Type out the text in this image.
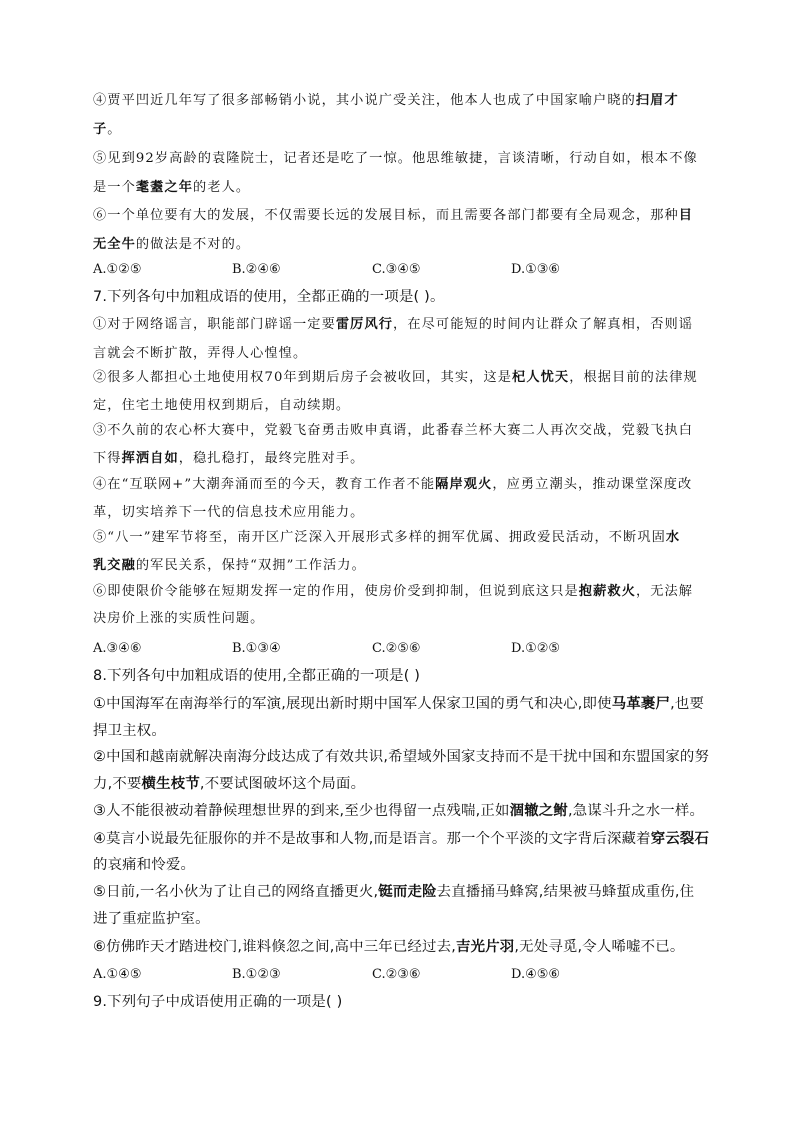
④贾平凹近几年写了很多部畅销小说，其小说广受关注，他本人也成了中国家喻户晓的扫眉才
子。
⑤见到92岁高龄的袁隆院士，记者还是吃了一惊。他思维敏捷，言谈清晰，行动自如，根本不像
是一个耄耋之年的老人。
⑥一个单位要有大的发展，不仅需要长远的发展目标，而且需要各部门都要有全局观念，那种目
无全牛的做法是不对的。
A.①②⑤	B.②④⑥	C.③④⑤	D.①③⑥
7.下列各句中加粗成语的使用，全都正确的一项是( )。
①对于网络谣言，职能部门辟谣一定要雷厉风行，在尽可能短的时间内让群众了解真相，否则谣
言就会不断扩散，弄得人心惶惶。
②很多人都担心土地使用权70年到期后房子会被收回，其实，这是杞人忧天，根据目前的法律规
定，住宅土地使用权到期后，自动续期。
③不久前的农心杯大赛中，党毅飞奋勇击败申真谞，此番春兰杯大赛二人再次交战，党毅飞执白
下得挥洒自如，稳扎稳打，最终完胜对手。
④在“互联网+”大潮奔涌而至的今天，教育工作者不能隔岸观火，应勇立潮头，推动课堂深度改
革，切实培养下一代的信息技术应用能力。
⑤“八一”建军节将至，南开区广泛深入开展形式多样的拥军优属、拥政爱民活动，不断巩固水
乳交融的军民关系，保持“双拥”工作活力。
⑥即使限价令能够在短期发挥一定的作用，使房价受到抑制，但说到底这只是抱薪救火，无法解
决房价上涨的实质性问题。
A.③④⑥	B.①③④	C.②⑤⑥	D.①②⑤
8.下列各句中加粗成语的使用,全都正确的一项是( )
①中国海军在南海举行的军演,展现出新时期中国军人保家卫国的勇气和决心,即使马革裹尸,也要
捍卫主权。
②中国和越南就解决南海分歧达成了有效共识,希望域外国家支持而不是干扰中国和东盟国家的努
力,不要横生枝节,不要试图破坏这个局面。
③人不能很被动着静候理想世界的到来,至少也得留一点残喘,正如涸辙之鲋,急谋斗升之水一样。
④莫言小说最先征服你的并不是故事和人物,而是语言。那一个个平淡的文字背后深藏着穿云裂石
的哀痛和怜爱。
⑤日前,一名小伙为了让自己的网络直播更火,铤而走险去直播捅马蜂窝,结果被马蜂蜇成重伤,住
进了重症监护室。
⑥仿佛昨天才踏进校门,谁料倏忽之间,高中三年已经过去,吉光片羽,无处寻觅,令人唏嘘不已。
A.①④⑤	B.①②③	C.②③⑥	D.④⑤⑥
9.下列句子中成语使用正确的一项是( )
